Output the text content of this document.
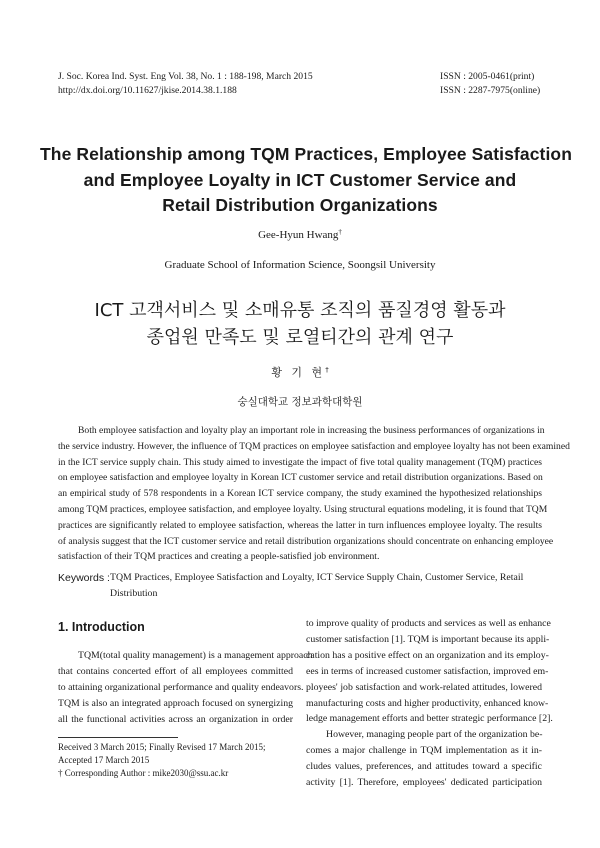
J. Soc. Korea Ind. Syst. Eng Vol. 38, No. 1 : 188-198, March 2015
http://dx.doi.org/10.11627/jkise.2014.38.1.188
ISSN : 2005-0461(print)
ISSN : 2287-7975(online)
The Relationship among TQM Practices, Employee Satisfaction
and Employee Loyalty in ICT Customer Service and
Retail Distribution Organizations
Gee-Hyun Hwang†
Graduate School of Information Science, Soongsil University
ICT 고객서비스 및 소매유통 조직의 품질경영 활동과
종업원 만족도 및 로열티간의 관계 연구
황 기 현†
숭실대학교 정보과학대학원
Both employee satisfaction and loyalty play an important role in increasing the business performances of organizations in
the service industry. However, the influence of TQM practices on employee satisfaction and employee loyalty has not been examined
in the ICT service supply chain. This study aimed to investigate the impact of five total quality management (TQM) practices
on employee satisfaction and employee loyalty in Korean ICT customer service and retail distribution organizations. Based on
an empirical study of 578 respondents in a Korean ICT service company, the study examined the hypothesized relationships
among TQM practices, employee satisfaction, and employee loyalty. Using structural equations modeling, it is found that TQM
practices are significantly related to employee satisfaction, whereas the latter in turn influences employee loyalty. The results
of analysis suggest that the ICT customer service and retail distribution organizations should concentrate on enhancing employee
satisfaction of their TQM practices and creating a people-satisfied job environment.
Keywords : TQM Practices, Employee Satisfaction and Loyalty, ICT Service Supply Chain, Customer Service, Retail
Distribution
1. Introduction
TQM(total quality management) is a management approach
that contains concerted effort of all employees committed
to attaining organizational performance and quality endeavors.
TQM is also an integrated approach focused on synergizing
all the functional activities across an organization in order
Received 3 March 2015; Finally Revised 17 March 2015;
Accepted 17 March 2015
† Corresponding Author : mike2030@ssu.ac.kr
to improve quality of products and services as well as enhance
customer satisfaction [1]. TQM is important because its appli-
cation has a positive effect on an organization and its employ-
ees in terms of increased customer satisfaction, improved em-
ployees' job satisfaction and work-related attitudes, lowered
manufacturing costs and higher productivity, enhanced know-
ledge management efforts and better strategic performance [2].
However, managing people part of the organization be-
comes a major challenge in TQM implementation as it in-
cludes values, preferences, and attitudes toward a specific
activity [1]. Therefore, employees' dedicated participation
